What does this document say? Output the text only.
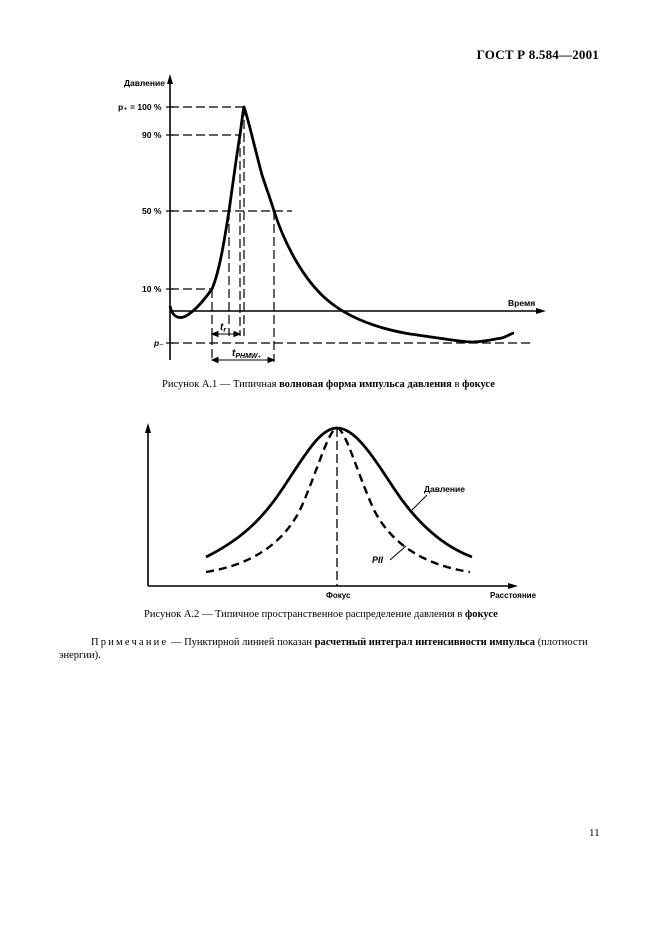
ГОСТ Р 8.584—2001
Давление
Время
p₊ = 100 %
90 %
50 %
10 %
p₋
$t_r$
$t_{PHMW_+}$
Давление
PII
Фокус	Расстояние
Рисунок А.1 — Типичная волновая форма импульса давления в фокусе
Рисунок А.2 — Типичное пространственное распределение давления в фокусе
Примечание — Пунктирной линией показан расчетный интеграл интенсивности импульса (плотности энергии).
11
